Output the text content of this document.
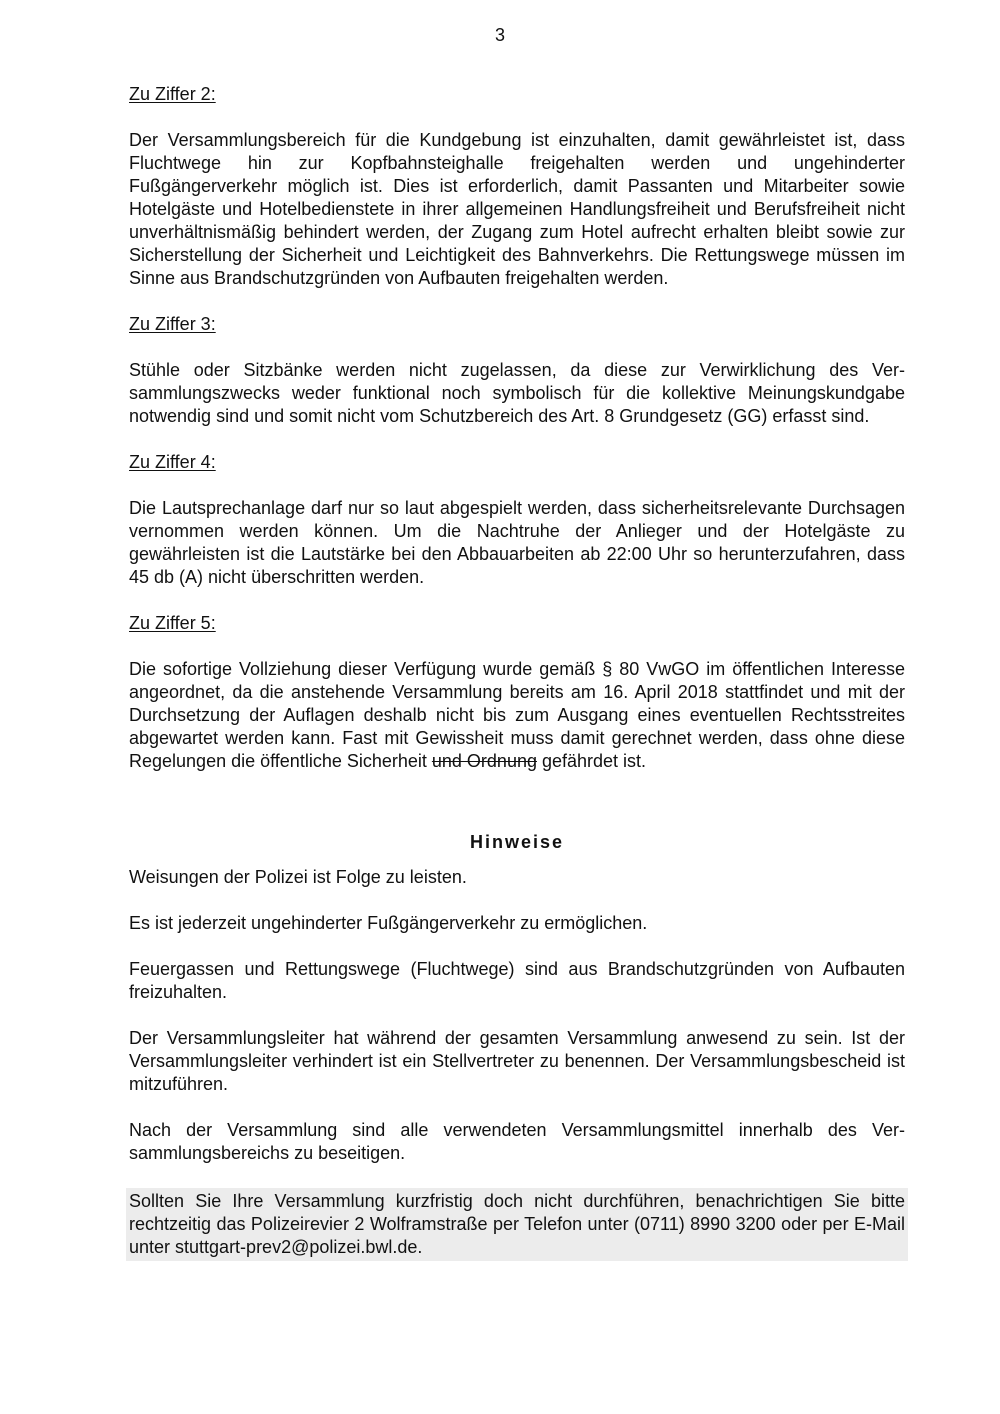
3

Zu Ziffer 2:

Der Versammlungsbereich für die Kundgebung ist einzuhalten, damit gewährleistet ist, dass Fluchtwege hin zur Kopfbahnsteighalle freigehalten werden und ungehinderter Fußgängerverkehr möglich ist. Dies ist erforderlich, damit Passanten und Mitarbeiter sowie Hotelgäste und Hotelbedienstete in ihrer allgemeinen Handlungsfreiheit und Berufsfreiheit nicht unverhältnismäßig behindert werden, der Zugang zum Hotel aufrecht erhalten bleibt sowie zur Sicherstellung der Sicherheit und Leichtigkeit des Bahnverkehrs. Die Rettungswege müssen im Sinne aus Brandschutzgründen von Aufbauten freigehalten werden.

Zu Ziffer 3:

Stühle oder Sitzbänke werden nicht zugelassen, da diese zur Verwirklichung des Versammlungszwecks weder funktional noch symbolisch für die kollektive Meinungskundgabe notwendig sind und somit nicht vom Schutzbereich des Art. 8 Grundgesetz (GG) erfasst sind.

Zu Ziffer 4:

Die Lautsprechanlage darf nur so laut abgespielt werden, dass sicherheitsrelevante Durchsagen vernommen werden können. Um die Nachtruhe der Anlieger und der Hotelgäste zu gewährleisten ist die Lautstärke bei den Abbauarbeiten ab 22:00 Uhr so herunterzufahren, dass 45 db (A) nicht überschritten werden.

Zu Ziffer 5:

Die sofortige Vollziehung dieser Verfügung wurde gemäß § 80 VwGO im öffentlichen Interesse angeordnet, da die anstehende Versammlung bereits am 16. April 2018 stattfindet und mit der Durchsetzung der Auflagen deshalb nicht bis zum Ausgang eines eventuellen Rechtsstreites abgewartet werden kann. Fast mit Gewissheit muss damit gerechnet werden, dass ohne diese Regelungen die öffentliche Sicherheit und Ordnung gefährdet ist.

Hinweise

Weisungen der Polizei ist Folge zu leisten.

Es ist jederzeit ungehinderter Fußgängerverkehr zu ermöglichen.

Feuergassen und Rettungswege (Fluchtwege) sind aus Brandschutzgründen von Aufbauten freizuhalten.

Der Versammlungsleiter hat während der gesamten Versammlung anwesend zu sein. Ist der Versammlungsleiter verhindert ist ein Stellvertreter zu benennen. Der Versammlungsbescheid ist mitzuführen.

Nach der Versammlung sind alle verwendeten Versammlungsmittel innerhalb des Versammlungsbereichs zu beseitigen.

Sollten Sie Ihre Versammlung kurzfristig doch nicht durchführen, benachrichtigen Sie bitte rechtzeitig das Polizeirevier 2 Wolframstraße per Telefon unter (0711) 8990 3200 oder per E-Mail unter stuttgart-prev2@polizei.bwl.de.
